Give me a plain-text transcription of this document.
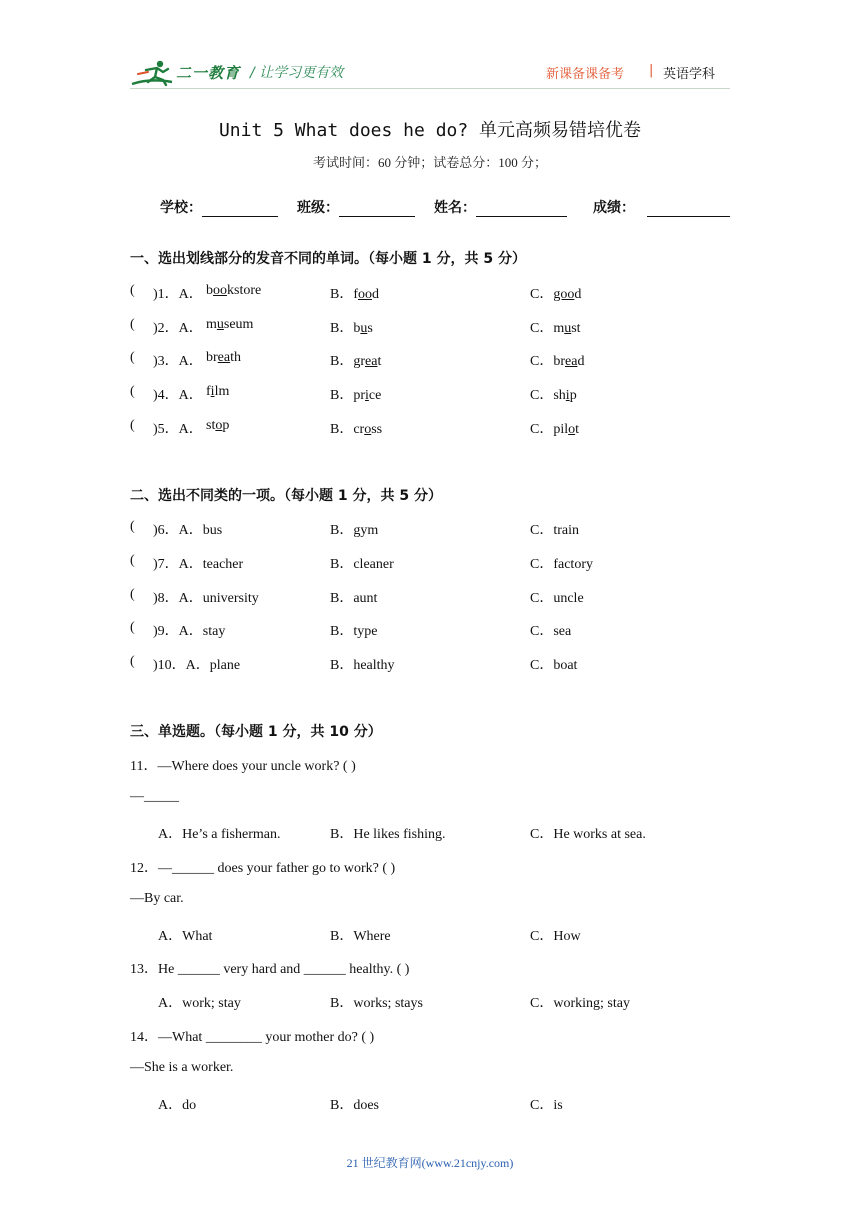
二一教育 / 让学习更有效	新课备课备考 | 英语学科
Unit 5 What does he do? 单元高频易错培优卷
考试时间：60 分钟；试卷总分：100 分；
学校：	班级：	姓名：	成绩：
一、选出划线部分的发音不同的单词。（每小题 1 分，共 5 分）
( )1．A． bookstore	B．food	C．good
( )2．A． museum	B．bus	C．must
( )3．A． breath	B．great	C．bread
( )4．A． film	B．price	C．ship
( )5．A． stop	B．cross	C．pilot
二、选出不同类的一项。（每小题 1 分，共 5 分）
( )6．A．bus	B．gym	C．train
( )7．A．teacher	B．cleaner	C．factory
( )8．A．university	B．aunt	C．uncle
( )9．A．stay	B．type	C．sea
( )10．A．plane	B．healthy	C．boat
三、单选题。（每小题 1 分，共 10 分）
11．—Where does your uncle work? ( )
—_____
A．He’s a fisherman.	B．He likes fishing.	C．He works at sea.
12．—______ does your father go to work? ( )
—By car.
A．What	B．Where	C．How
13．He ______ very hard and ______ healthy. ( )
A．work; stay	B．works; stays	C．working; stay
14．—What ________ your mother do? ( )
—She is a worker.
A．do	B．does	C．is
21 世纪教育网(www.21cnjy.com)
